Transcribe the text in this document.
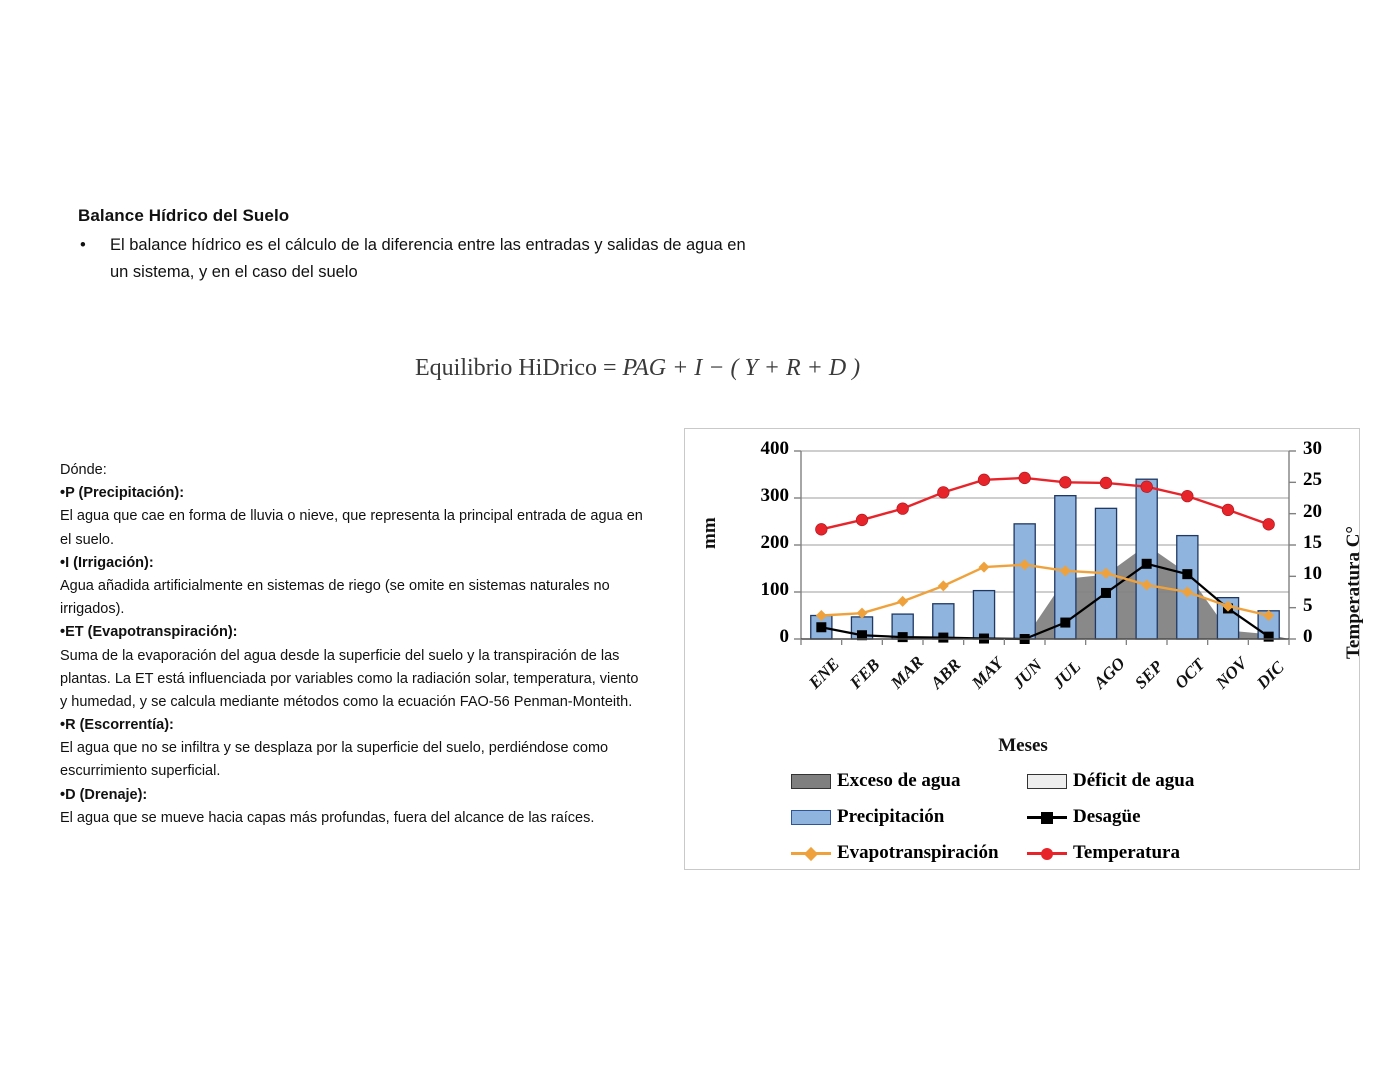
Balance Hídrico del Suelo
•	El balance hídrico es el cálculo de la diferencia entre las entradas y salidas de agua en un sistema, y en el caso del suelo
Equilibrio HiDrico = PAG + I − ( Y + R + D )

Dónde:

•P (Precipitación):

El agua que cae en forma de lluvia o nieve, que representa la principal entrada de agua en el suelo.

•I (Irrigación):

Agua añadida artificialmente en sistemas de riego (se omite en sistemas naturales no irrigados).

•ET (Evapotranspiración):

Suma de la evaporación del agua desde la superficie del suelo y la transpiración de las plantas. La ET está influenciada por variables como la radiación solar, temperatura, viento y humedad, y se calcula mediante métodos como la ecuación FAO-56 Penman-Monteith.

•R (Escorrentía):

El agua que no se infiltra y se desplaza por la superficie del suelo, perdiéndose como escurrimiento superficial.

•D (Drenaje):

El agua que se mueve hacia capas más profundas, fuera del alcance de las raíces.

mm	Temperatura C°
0
100
200
300
400
0
5
10
15
20
25
30
ENE FEB MAR ABR MAY JUN JUL AGO SEP OCT NOV DIC
Meses
Exceso de agua	Déficit de agua
Precipitación	Desagüe
Evapotranspiración	Temperatura
